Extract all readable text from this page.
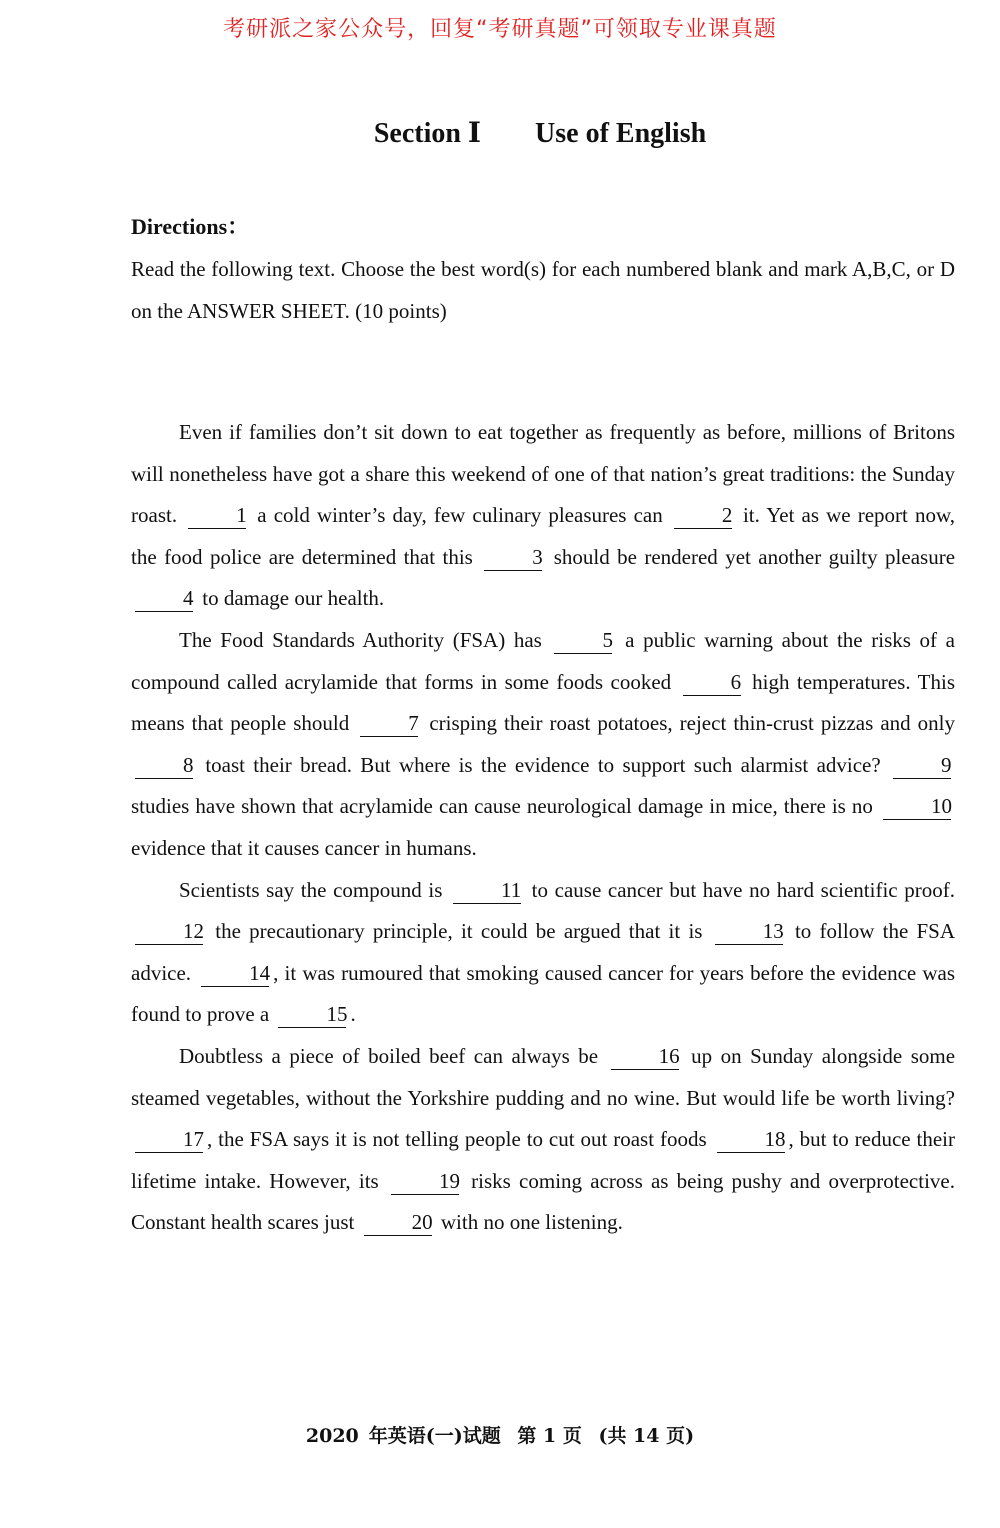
考研派之家公众号，回复“考研真题”可领取专业课真题
Section Ⅰ Use of English
Directions：
Read the following text. Choose the best word(s) for each numbered blank and mark A,B,C, or D on the ANSWER SHEET. (10 points)

Even if families don’t sit down to eat together as frequently as before, millions of Britons will nonetheless have got a share this weekend of one of that nation’s great traditions: the Sunday roast.	1 a cold winter’s day, few culinary pleasures can	2 it. Yet as we report now, the food police are determined that this	3 should be rendered yet another guilty pleasure 4 to damage our health.

The Food Standards Authority (FSA) has	5 a public warning about the risks of a compound called acrylamide that forms in some foods cooked	6 high temperatures. This means that people should	7 crisping their roast potatoes, reject thin-crust pizzas and only 8 toast their bread. But where is the evidence to support such alarmist advice?	9 studies have shown that acrylamide can cause neurological damage in mice, there is no	10 evidence that it causes cancer in humans.

Scientists say the compound is	11 to cause cancer but have no hard scientific proof. 12 the precautionary principle, it could be argued that it is	13 to follow the FSA advice.	14 , it was rumoured that smoking caused cancer for years before the evidence was found to prove a	15 .

Doubtless a piece of boiled beef can always be	16 up on Sunday alongside some steamed vegetables, without the Yorkshire pudding and no wine. But would life be worth living? 17 , the FSA says it is not telling people to cut out roast foods	18 , but to reduce their lifetime intake. However, its	19 risks coming across as being pushy and overprotective. Constant health scares just	20 with no one listening.

2020 年英语(一)试题 第 1 页 (共 14 页)
